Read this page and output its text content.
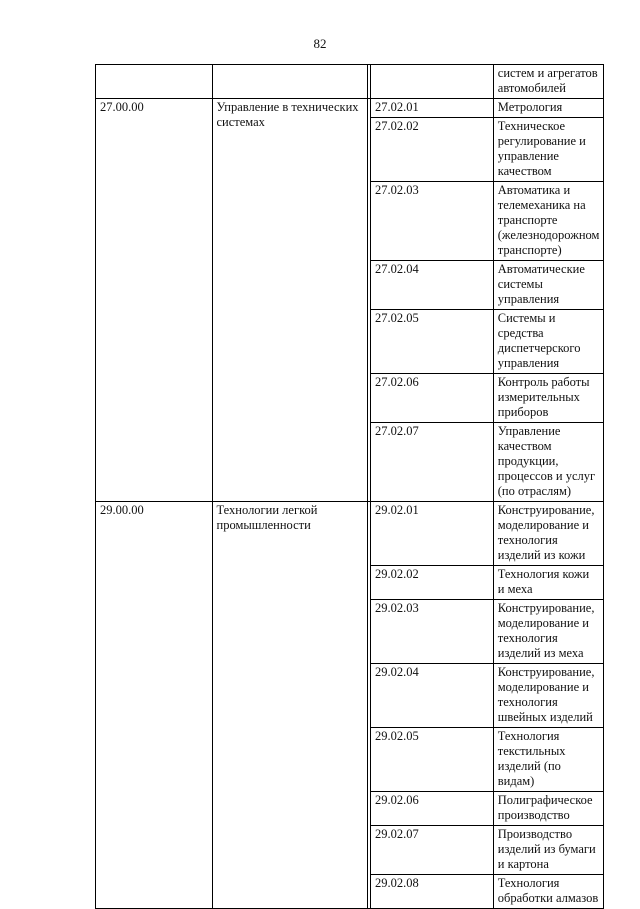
82
				систем и агрегатов автомобилей
27.00.00	Управление в технических системах		27.02.01	Метрология
			27.02.02	Техническое регулирование и управление качеством
			27.02.03	Автоматика и телемеханика на транспорте (железнодорожном транспорте)
			27.02.04	Автоматические системы управления
			27.02.05	Системы и средства диспетчерского управления
			27.02.06	Контроль работы измерительных приборов
			27.02.07	Управление качеством продукции, процессов и услуг (по отраслям)
29.00.00	Технологии легкой промышленности		29.02.01	Конструирование, моделирование и технология изделий из кожи
			29.02.02	Технология кожи и меха
			29.02.03	Конструирование, моделирование и технология изделий из меха
			29.02.04	Конструирование, моделирование и технология швейных изделий
			29.02.05	Технология текстильных изделий (по видам)
			29.02.06	Полиграфическое производство
			29.02.07	Производство изделий из бумаги и картона
			29.02.08	Технология обработки алмазов
